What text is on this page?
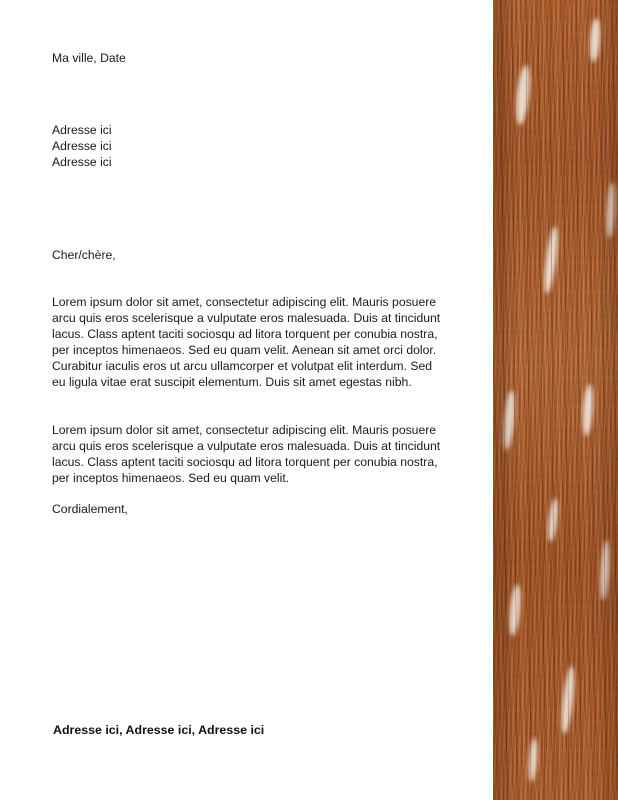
Ma ville, Date
Adresse ici
Adresse ici
Adresse ici
Cher/chère,

Lorem ipsum dolor sit amet, consectetur adipiscing elit. Mauris posuere arcu quis eros scelerisque a vulputate eros malesuada. Duis at tincidunt lacus. Class aptent taciti sociosqu ad litora torquent per conubia nostra, per inceptos himenaeos. Sed eu quam velit. Aenean sit amet orci dolor. Curabitur iaculis eros ut arcu ullamcorper et volutpat elit interdum. Sed eu ligula vitae erat suscipit elementum. Duis sit amet egestas nibh.

Lorem ipsum dolor sit amet, consectetur adipiscing elit. Mauris posuere arcu quis eros scelerisque a vulputate eros malesuada. Duis at tincidunt lacus. Class aptent taciti sociosqu ad litora torquent per conubia nostra, per inceptos himenaeos. Sed eu quam velit.

Cordialement,
Adresse ici, Adresse ici, Adresse ici
